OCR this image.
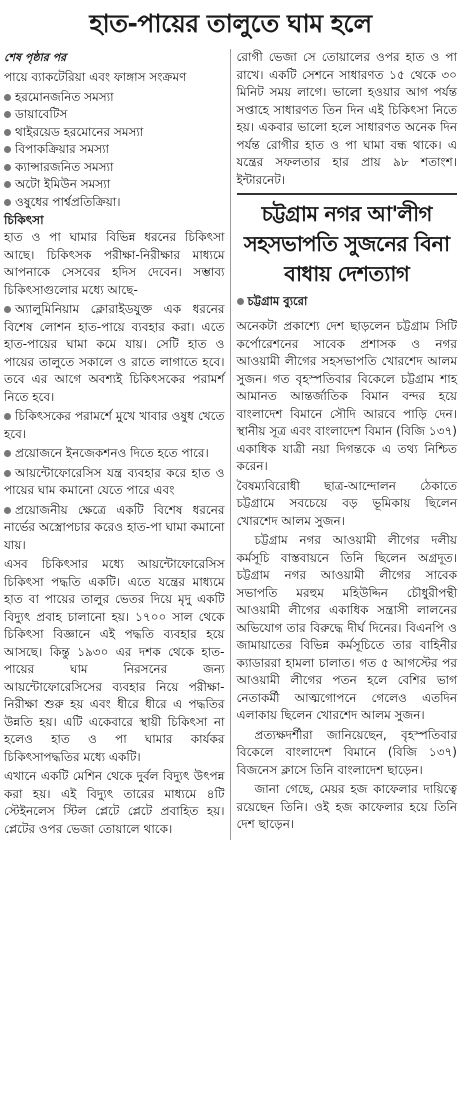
হাত-পায়ের তালুতে ঘাম হলে
শেষ পৃষ্ঠার পর

পায়ে ব্যাকটেরিয়া এবং ফাঙ্গাস সংক্রমণ

হরমোনজনিত সমস্যা
ডায়াবেটিস
থাইরয়েড হরমোনের সমস্যা
বিপাকক্রিয়ার সমস্যা
ক্যান্সারজনিত সমস্যা
অটো ইমিউন সমস্যা
ওষুধের পার্শ্বপ্রতিক্রিয়া।
চিকিৎসা

হাত ও পা ঘামার বিভিন্ন ধরনের চিকিৎসা আছে। চিকিৎসক পরীক্ষা-নিরীক্ষার মাধ্যমে আপনাকে সেসবের হদিস দেবেন। সম্ভাব্য চিকিৎসাগুলোর মধ্যে আছে-

অ্যালুমিনিয়াম ক্লোরাইডযুক্ত এক ধরনের বিশেষ লোশন হাত-পায়ে ব্যবহার করা। এতে হাত-পায়ের ঘামা কমে যায়। সেটি হাত ও পায়ের তালুতে সকালে ও রাতে লাগাতে হবে। তবে এর আগে অবশ্যই চিকিৎসকের পরামর্শ নিতে হবে।

চিকিৎসকের পরামর্শে মুখে খাবার ওষুধ খেতে হবে।

প্রয়োজনে ইনজেকশনও দিতে হতে পারে।

আয়ন্টোফোরেসিস যন্ত্র ব্যবহার করে হাত ও পায়ের ঘাম কমানো যেতে পারে এবং

প্রয়োজনীয় ক্ষেত্রে একটি বিশেষ ধরনের নার্ভের অস্ত্রোপচার করেও হাত-পা ঘামা কমানো যায়।

এসব চিকিৎসার মধ্যে আয়ন্টোফোরেসিস চিকিৎসা পদ্ধতি একটি। এতে যন্ত্রের মাধ্যমে হাত বা পায়ের তালুর ভেতর দিয়ে মৃদু একটি বিদ্যুৎ প্রবাহ চালানো হয়। ১৭০০ সাল থেকে চিকিৎসা বিজ্ঞানে এই পদ্ধতি ব্যবহার হয়ে আসছে। কিন্তু ১৯৩০ এর দশক থেকে হাত-পায়ের ঘাম নিরসনের জন্য আয়ন্টোফোরেসিসের ব্যবহার নিয়ে পরীক্ষা-নিরীক্ষা শুরু হয় এবং ধীরে ধীরে এ পদ্ধতির উন্নতি হয়। এটি একেবারে স্থায়ী চিকিৎসা না হলেও হাত ও পা ঘামার কার্যকর চিকিৎসাপদ্ধতির মধ্যে একটি।

এখানে একটি মেশিন থেকে দুর্বল বিদ্যুৎ উৎপন্ন করা হয়। এই বিদ্যুৎ তারের মাধ্যমে ৪টি স্টেইনলেস স্টিল প্লেটে প্লেটে প্রবাহিত হয়। প্লেটের ওপর ভেজা তোয়ালে থাকে।

রোগী ভেজা সে তোয়ালের ওপর হাত ও পা রাখে। একটি সেশনে সাধারণত ১৫ থেকে ৩০ মিনিট সময় লাগে। ভালো হওয়ার আগ পর্যন্ত সপ্তাহে সাধারণত তিন দিন এই চিকিৎসা নিতে হয়। একবার ভালো হলে সাধারণত অনেক দিন পর্যন্ত রোগীর হাত ও পা ঘামা বন্ধ থাকে। এ যন্ত্রের সফলতার হার প্রায় ৯৮ শতাংশ। ইন্টারনেট।

চট্টগ্রাম নগর আ'লীগ সহসভাপতি সুজনের বিনা বাধায় দেশত্যাগ
চট্টগ্রাম ব্যুরো

অনেকটা প্রকাশ্যে দেশ ছাড়লেন চট্টগ্রাম সিটি কর্পোরেশনের সাবেক প্রশাসক ও নগর আওয়ামী লীগের সহসভাপতি খোরশেদ আলম সুজন। গত বৃহস্পতিবার বিকেলে চট্টগ্রাম শাহ আমানত আন্তর্জাতিক বিমান বন্দর হয়ে বাংলাদেশ বিমানে সৌদি আরবে পাড়ি দেন। স্থানীয় সূত্র এবং বাংলাদেশ বিমান (বিজি ১৩৭) একাধিক যাত্রী নয়া দিগন্তকে এ তথ্য নিশ্চিত করেন।

বৈষম্যবিরোধী ছাত্র-আন্দোলন ঠেকাতে চট্টগ্রামে সবচেয়ে বড় ভূমিকায় ছিলেন খোরশেদ আলম সুজন।

চট্টগ্রাম নগর আওয়ামী লীগের দলীয় কর্মসূচি বাস্তবায়নে তিনি ছিলেন অগ্রদূত। চট্টগ্রাম নগর আওয়ামী লীগের সাবেক সভাপতি মরহুম মহিউদ্দিন চৌধুরীপন্থী আওয়ামী লীগের একাধিক সন্ত্রাসী লালনের অভিযোগ তার বিরুদ্ধে দীর্ঘ দিনের। বিএনপি ও জামায়াতের বিভিন্ন কর্মসূচিতে তার বাহিনীর ক্যাডাররা হামলা চালাত। গত ৫ আগস্টের পর আওয়ামী লীগের পতন হলে বেশির ভাগ নেতাকর্মী আত্মগোপনে গেলেও এতদিন এলাকায় ছিলেন খোরশেদ আলম সুজন।

প্রত্যক্ষদর্শীরা জানিয়েছেন, বৃহস্পতিবার বিকেলে বাংলাদেশ বিমানে (বিজি ১৩৭) বিজনেস ক্লাসে তিনি বাংলাদেশ ছাড়েন।

জানা গেছে, মেয়র হজ কাফেলার দায়িত্বে রয়েছেন তিনি। ওই হজ কাফেলার হয়ে তিনি দেশ ছাড়েন।
